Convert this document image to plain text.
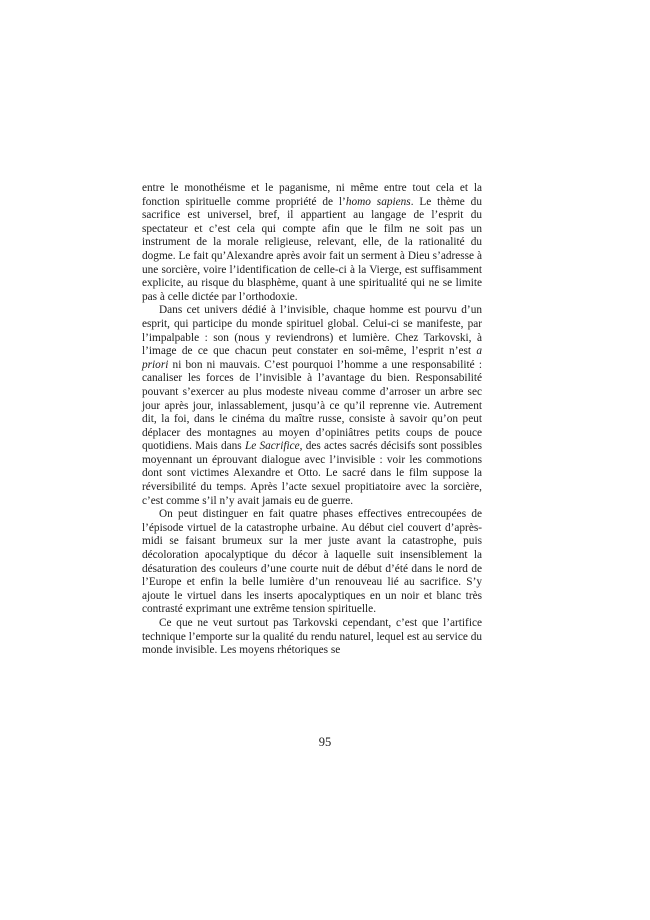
entre le monothéisme et le paganisme, ni même entre tout cela et la fonction spirituelle comme propriété de l’homo sapiens. Le thème du sacrifice est universel, bref, il appartient au langage de l’esprit du spectateur et c’est cela qui compte afin que le film ne soit pas un instrument de la morale religieuse, relevant, elle, de la rationalité du dogme. Le fait qu’Alexandre après avoir fait un serment à Dieu s’adresse à une sorcière, voire l’identification de celle-ci à la Vierge, est suffisamment explicite, au risque du blasphème, quant à une spiritualité qui ne se limite pas à celle dictée par l’orthodoxie.

Dans cet univers dédié à l’invisible, chaque homme est pourvu d’un esprit, qui participe du monde spirituel global. Celui-ci se manifeste, par l’impalpable : son (nous y reviendrons) et lumière. Chez Tarkovski, à l’image de ce que chacun peut constater en soi-même, l’esprit n’est a priori ni bon ni mauvais. C’est pourquoi l’homme a une responsabilité : canaliser les forces de l’invisible à l’avantage du bien. Responsabilité pouvant s’exercer au plus modeste niveau comme d’arroser un arbre sec jour après jour, inlassablement, jusqu’à ce qu’il reprenne vie. Autrement dit, la foi, dans le cinéma du maître russe, consiste à savoir qu’on peut déplacer des montagnes au moyen d’opiniâtres petits coups de pouce quotidiens. Mais dans Le Sacrifice, des actes sacrés décisifs sont possibles moyennant un éprouvant dialogue avec l’invisible : voir les commotions dont sont victimes Alexandre et Otto. Le sacré dans le film suppose la réversibilité du temps. Après l’acte sexuel propitiatoire avec la sorcière, c’est comme s’il n’y avait jamais eu de guerre.

On peut distinguer en fait quatre phases effectives entrecoupées de l’épisode virtuel de la catastrophe urbaine. Au début ciel couvert d’après-midi se faisant brumeux sur la mer juste avant la catastrophe, puis décoloration apocalyptique du décor à laquelle suit insensiblement la désaturation des couleurs d’une courte nuit de début d’été dans le nord de l’Europe et enfin la belle lumière d’un renouveau lié au sacrifice. S’y ajoute le virtuel dans les inserts apocalyptiques en un noir et blanc très contrasté exprimant une extrême tension spirituelle.

Ce que ne veut surtout pas Tarkovski cependant, c’est que l’artifice technique l’emporte sur la qualité du rendu naturel, lequel est au service du monde invisible. Les moyens rhétoriques se

95
